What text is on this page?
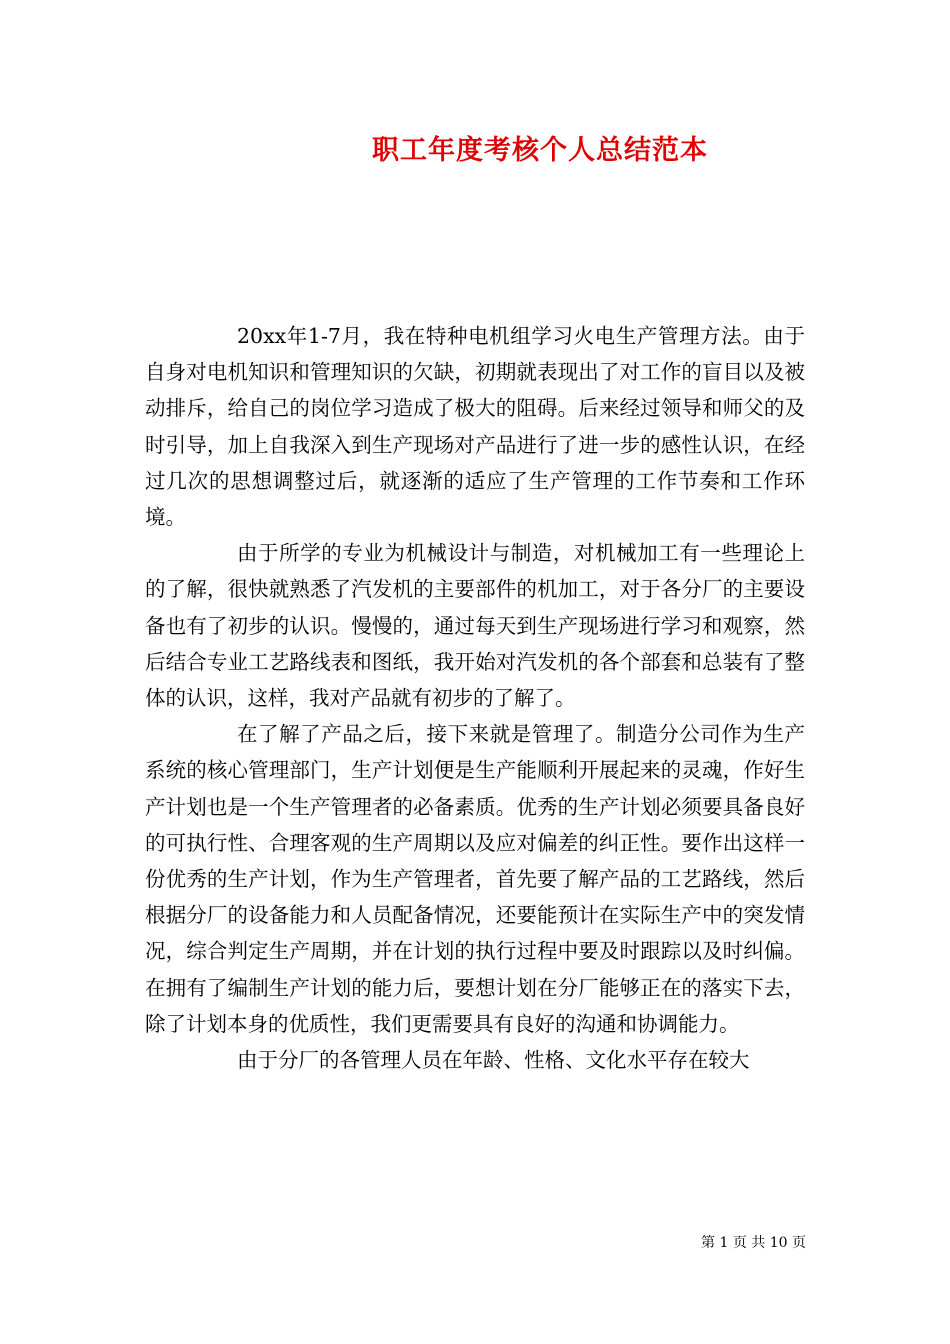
职工年度考核个人总结范本

20xx年1-7月，我在特种电机组学习火电生产管理方法。由于自身对电机知识和管理知识的欠缺，初期就表现出了对工作的盲目以及被动排斥，给自己的岗位学习造成了极大的阻碍。后来经过领导和师父的及时引导，加上自我深入到生产现场对产品进行了进一步的感性认识，在经过几次的思想调整过后，就逐渐的适应了生产管理的工作节奏和工作环境。

由于所学的专业为机械设计与制造，对机械加工有一些理论上的了解，很快就熟悉了汽发机的主要部件的机加工，对于各分厂的主要设备也有了初步的认识。慢慢的，通过每天到生产现场进行学习和观察，然后结合专业工艺路线表和图纸，我开始对汽发机的各个部套和总装有了整体的认识，这样，我对产品就有初步的了解了。

在了解了产品之后，接下来就是管理了。制造分公司作为生产系统的核心管理部门，生产计划便是生产能顺利开展起来的灵魂，作好生产计划也是一个生产管理者的必备素质。优秀的生产计划必须要具备良好的可执行性、合理客观的生产周期以及应对偏差的纠正性。要作出这样一份优秀的生产计划，作为生产管理者，首先要了解产品的工艺路线，然后根据分厂的设备能力和人员配备情况，还要能预计在实际生产中的突发情况，综合判定生产周期，并在计划的执行过程中要及时跟踪以及时纠偏。在拥有了编制生产计划的能力后，要想计划在分厂能够正在的落实下去，除了计划本身的优质性，我们更需要具有良好的沟通和协调能力。

由于分厂的各管理人员在年龄、性格、文化水平存在较大

第 1 页 共 10 页
